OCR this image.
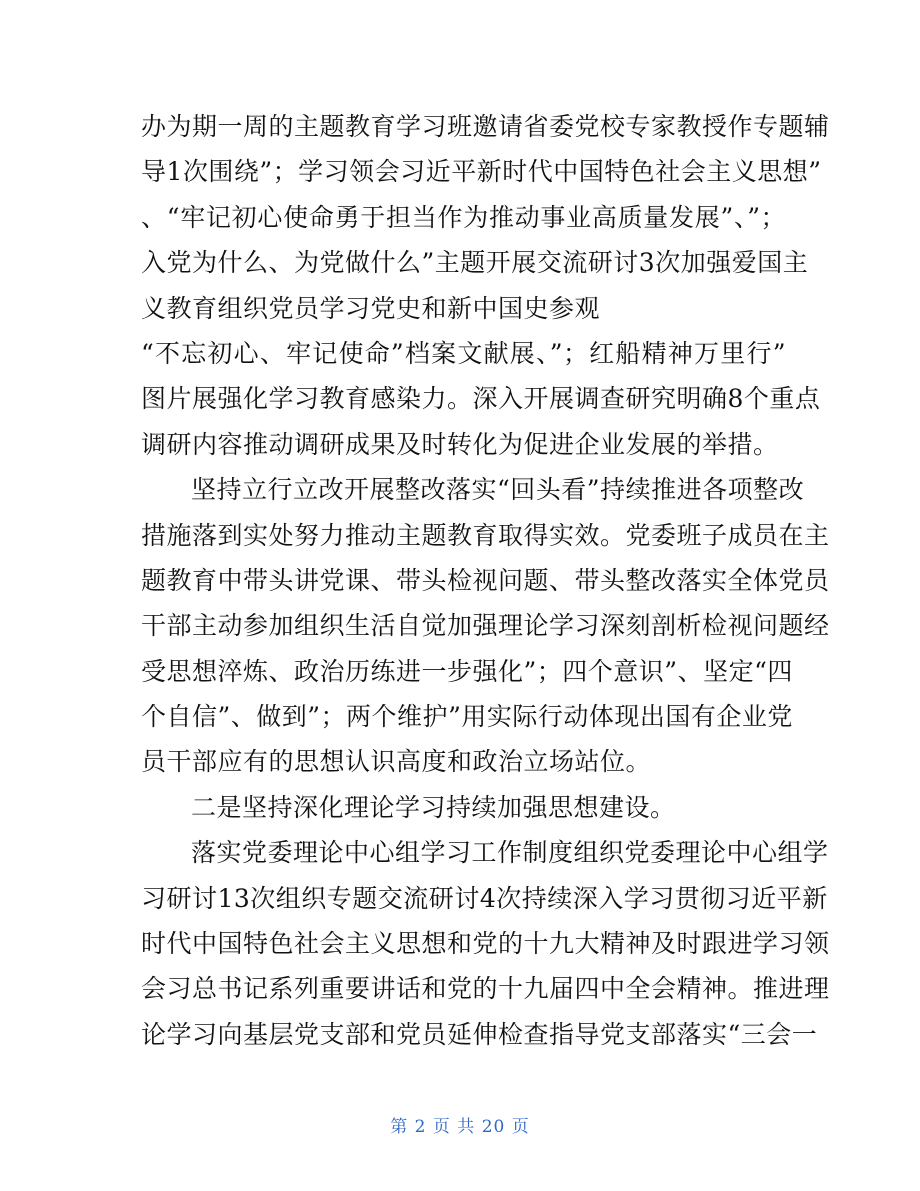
办为期一周的主题教育学习班邀请省委党校专家教授作专题辅
导1次围绕”；学习领会习近平新时代中国特色社会主义思想”
、“牢记初心使命勇于担当作为推动事业高质量发展”、”；
入党为什么、为党做什么”主题开展交流研讨3次加强爱国主
义教育组织党员学习党史和新中国史参观
“不忘初心、牢记使命”档案文献展、”；红船精神万里行”
图片展强化学习教育感染力。深入开展调查研究明确8个重点
调研内容推动调研成果及时转化为促进企业发展的举措。
坚持立行立改开展整改落实“回头看”持续推进各项整改
措施落到实处努力推动主题教育取得实效。党委班子成员在主
题教育中带头讲党课、带头检视问题、带头整改落实全体党员
干部主动参加组织生活自觉加强理论学习深刻剖析检视问题经
受思想淬炼、政治历练进一步强化”；四个意识”、坚定“四
个自信”、做到”；两个维护”用实际行动体现出国有企业党
员干部应有的思想认识高度和政治立场站位。
二是坚持深化理论学习持续加强思想建设。
落实党委理论中心组学习工作制度组织党委理论中心组学
习研讨13次组织专题交流研讨4次持续深入学习贯彻习近平新
时代中国特色社会主义思想和党的十九大精神及时跟进学习领
会习总书记系列重要讲话和党的十九届四中全会精神。推进理
论学习向基层党支部和党员延伸检查指导党支部落实“三会一
第 2 页 共 20 页
